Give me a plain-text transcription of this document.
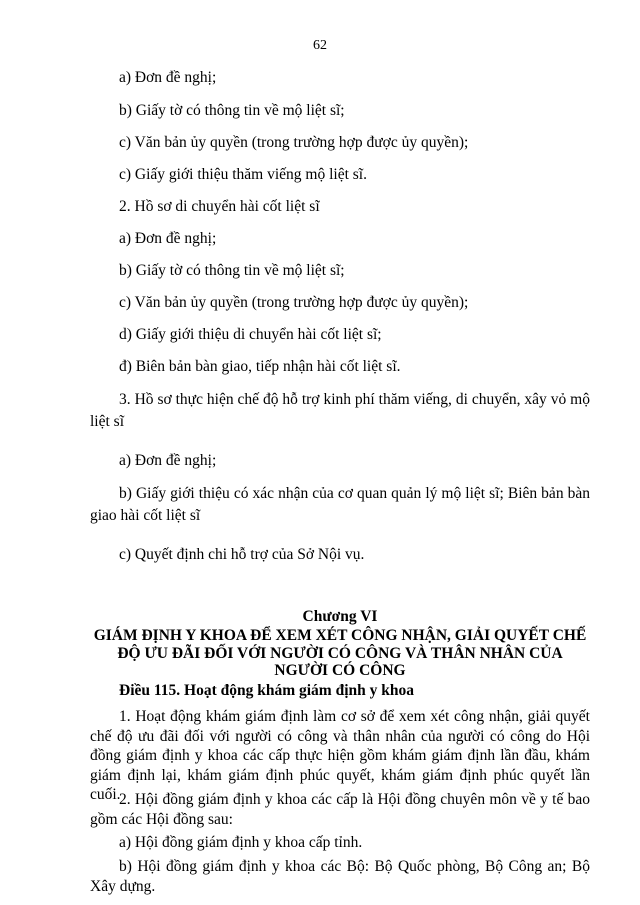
62
a) Đơn đề nghị;
b) Giấy tờ có thông tin về mộ liệt sĩ;
c) Văn bản ủy quyền (trong trường hợp được ủy quyền);
c) Giấy giới thiệu thăm viếng mộ liệt sĩ.
2. Hồ sơ di chuyển hài cốt liệt sĩ
a) Đơn đề nghị;
b) Giấy tờ có thông tin về mộ liệt sĩ;
c) Văn bản ủy quyền (trong trường hợp được ủy quyền);
d) Giấy giới thiệu di chuyển hài cốt liệt sĩ;
đ) Biên bản bàn giao, tiếp nhận hài cốt liệt sĩ.
3. Hồ sơ thực hiện chế độ hỗ trợ kinh phí thăm viếng, di chuyển, xây vỏ mộ liệt sĩ
a) Đơn đề nghị;
b) Giấy giới thiệu có xác nhận của cơ quan quản lý mộ liệt sĩ; Biên bản bàn giao hài cốt liệt sĩ
c) Quyết định chi hỗ trợ của Sở Nội vụ.
Chương VI
GIÁM ĐỊNH Y KHOA ĐỂ XEM XÉT CÔNG NHẬN, GIẢI QUYẾT CHẾ ĐỘ ƯU ĐÃI ĐỐI VỚI NGƯỜI CÓ CÔNG VÀ THÂN NHÂN CỦA NGƯỜI CÓ CÔNG
Điều 115. Hoạt động khám giám định y khoa
1. Hoạt động khám giám định làm cơ sở để xem xét công nhận, giải quyết chế độ ưu đãi đối với người có công và thân nhân của người có công do Hội đồng giám định y khoa các cấp thực hiện gồm khám giám định lần đầu, khám giám định lại, khám giám định phúc quyết, khám giám định phúc quyết lần cuối.
2. Hội đồng giám định y khoa các cấp là Hội đồng chuyên môn về y tế bao gồm các Hội đồng sau:
a) Hội đồng giám định y khoa cấp tỉnh.
b) Hội đồng giám định y khoa các Bộ: Bộ Quốc phòng, Bộ Công an; Bộ Xây dựng.
